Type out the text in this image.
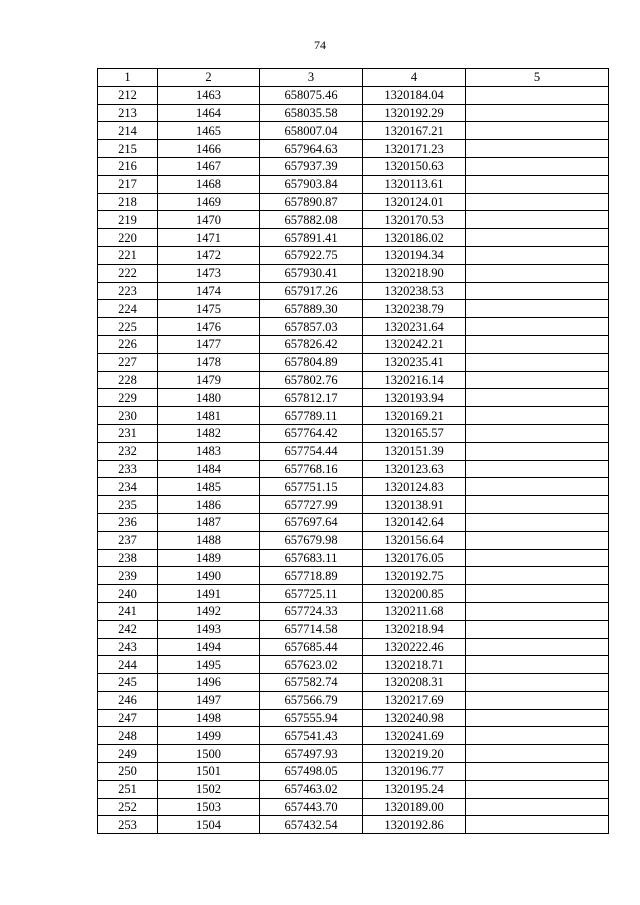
74
1	2	3	4	5
212	1463	658075.46	1320184.04	
213	1464	658035.58	1320192.29	
214	1465	658007.04	1320167.21	
215	1466	657964.63	1320171.23	
216	1467	657937.39	1320150.63	
217	1468	657903.84	1320113.61	
218	1469	657890.87	1320124.01	
219	1470	657882.08	1320170.53	
220	1471	657891.41	1320186.02	
221	1472	657922.75	1320194.34	
222	1473	657930.41	1320218.90	
223	1474	657917.26	1320238.53	
224	1475	657889.30	1320238.79	
225	1476	657857.03	1320231.64	
226	1477	657826.42	1320242.21	
227	1478	657804.89	1320235.41	
228	1479	657802.76	1320216.14	
229	1480	657812.17	1320193.94	
230	1481	657789.11	1320169.21	
231	1482	657764.42	1320165.57	
232	1483	657754.44	1320151.39	
233	1484	657768.16	1320123.63	
234	1485	657751.15	1320124.83	
235	1486	657727.99	1320138.91	
236	1487	657697.64	1320142.64	
237	1488	657679.98	1320156.64	
238	1489	657683.11	1320176.05	
239	1490	657718.89	1320192.75	
240	1491	657725.11	1320200.85	
241	1492	657724.33	1320211.68	
242	1493	657714.58	1320218.94	
243	1494	657685.44	1320222.46	
244	1495	657623.02	1320218.71	
245	1496	657582.74	1320208.31	
246	1497	657566.79	1320217.69	
247	1498	657555.94	1320240.98	
248	1499	657541.43	1320241.69	
249	1500	657497.93	1320219.20	
250	1501	657498.05	1320196.77	
251	1502	657463.02	1320195.24	
252	1503	657443.70	1320189.00	
253	1504	657432.54	1320192.86	
